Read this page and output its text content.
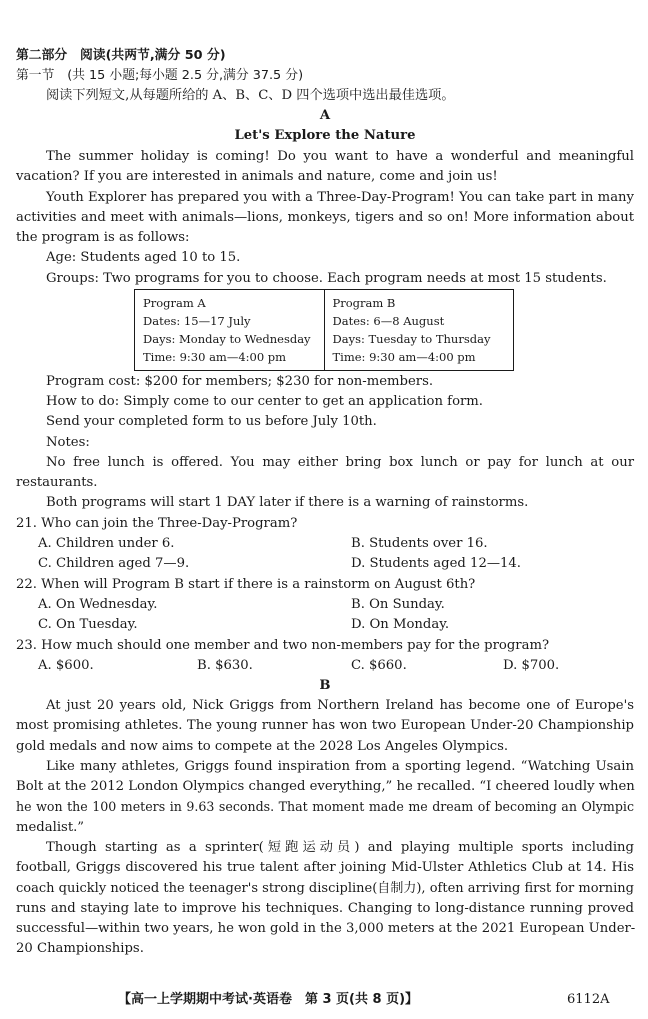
第二部分　阅读(共两节,满分 50 分)
第一节　(共 15 小题;每小题 2.5 分,满分 37.5 分)
阅读下列短文,从每题所给的 A、B、C、D 四个选项中选出最佳选项。
A
Let's Explore the Nature
The summer holiday is coming! Do you want to have a wonderful and meaningful
vacation? If you are interested in animals and nature, come and join us!
Youth Explorer has prepared you with a Three-Day-Program! You can take part in many
activities and meet with animals—lions, monkeys, tigers and so on! More information about
the program is as follows:
Age: Students aged 10 to 15.
Groups: Two programs for you to choose. Each program needs at most 15 students.
Program A
Dates: 15—17 July
Days: Monday to Wednesday
Time: 9:30 am—4:00 pm

Program B
Dates: 6—8 August
Days: Tuesday to Thursday
Time: 9:30 am—4:00 pm
Program cost: $200 for members; $230 for non-members.
How to do: Simply come to our center to get an application form.
Send your completed form to us before July 10th.
Notes:
No free lunch is offered. You may either bring box lunch or pay for lunch at our
restaurants.
Both programs will start 1 DAY later if there is a warning of rainstorms.
21. Who can join the Three-Day-Program?
A. Children under 6.	B. Students over 16.
C. Children aged 7—9.	D. Students aged 12—14.
22. When will Program B start if there is a rainstorm on August 6th?
A. On Wednesday.	B. On Sunday.
C. On Tuesday.	D. On Monday.
23. How much should one member and two non-members pay for the program?
A. $600.	B. $630.	C. $660.	D. $700.
B
At just 20 years old, Nick Griggs from Northern Ireland has become one of Europe's
most promising athletes. The young runner has won two European Under-20 Championship
gold medals and now aims to compete at the 2028 Los Angeles Olympics.
Like many athletes, Griggs found inspiration from a sporting legend. “Watching Usain
Bolt at the 2012 London Olympics changed everything,” he recalled. “I cheered loudly when
he won the 100 meters in 9.63 seconds. That moment made me dream of becoming an Olympic
medalist.”
Though starting as a sprinter(短跑运动员) and playing multiple sports including
football, Griggs discovered his true talent after joining Mid-Ulster Athletics Club at 14. His
coach quickly noticed the teenager's strong discipline(自制力), often arriving first for morning
runs and staying late to improve his techniques. Changing to long-distance running proved
successful—within two years, he won gold in the 3,000 meters at the 2021 European Under-
20 Championships.
【高一上学期期中考试·英语卷　第 3 页(共 8 页)】	6112A
